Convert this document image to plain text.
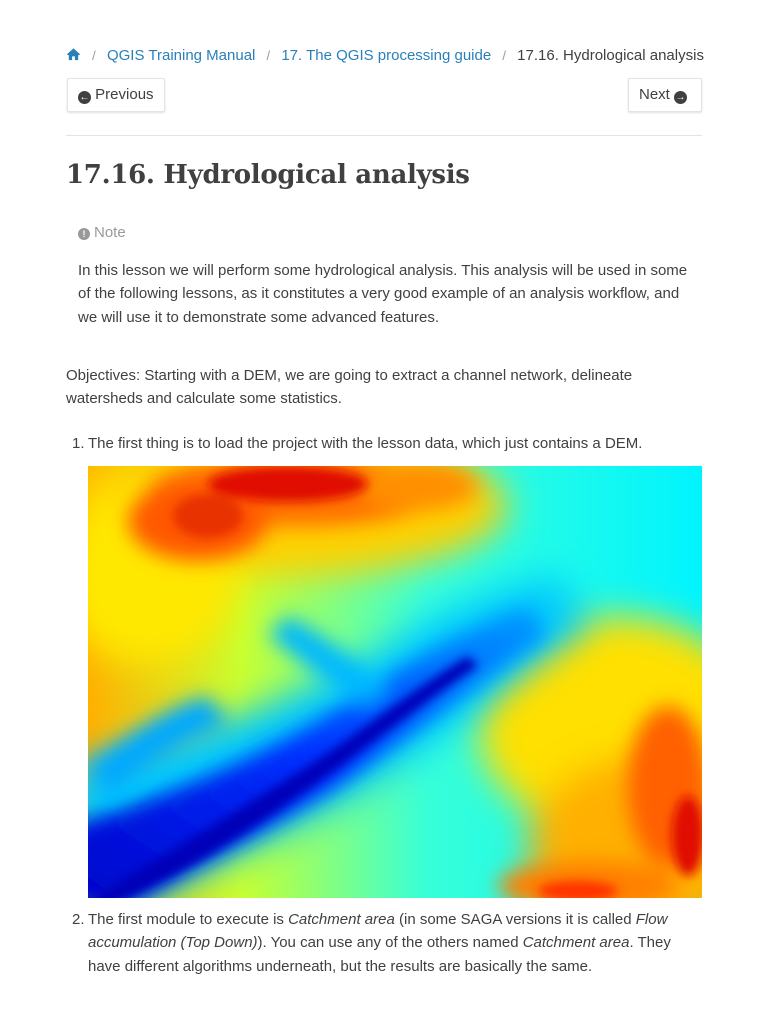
/ QGIS Training Manual / 17. The QGIS processing guide / 17.16. Hydrological analysis
← Previous	Next →
17.16. Hydrological analysis
! Note

In this lesson we will perform some hydrological analysis. This analysis will be used in some of the following lessons, as it constitutes a very good example of an analysis workflow, and we will use it to demonstrate some advanced features.

Objectives: Starting with a DEM, we are going to extract a channel network, delineate watersheds and calculate some statistics.

1. The first thing is to load the project with the lesson data, which just contains a DEM.
2. The first module to execute is Catchment area (in some SAGA versions it is called Flow accumulation (Top Down)). You can use any of the others named Catchment area. They have different algorithms underneath, but the results are basically the same.
